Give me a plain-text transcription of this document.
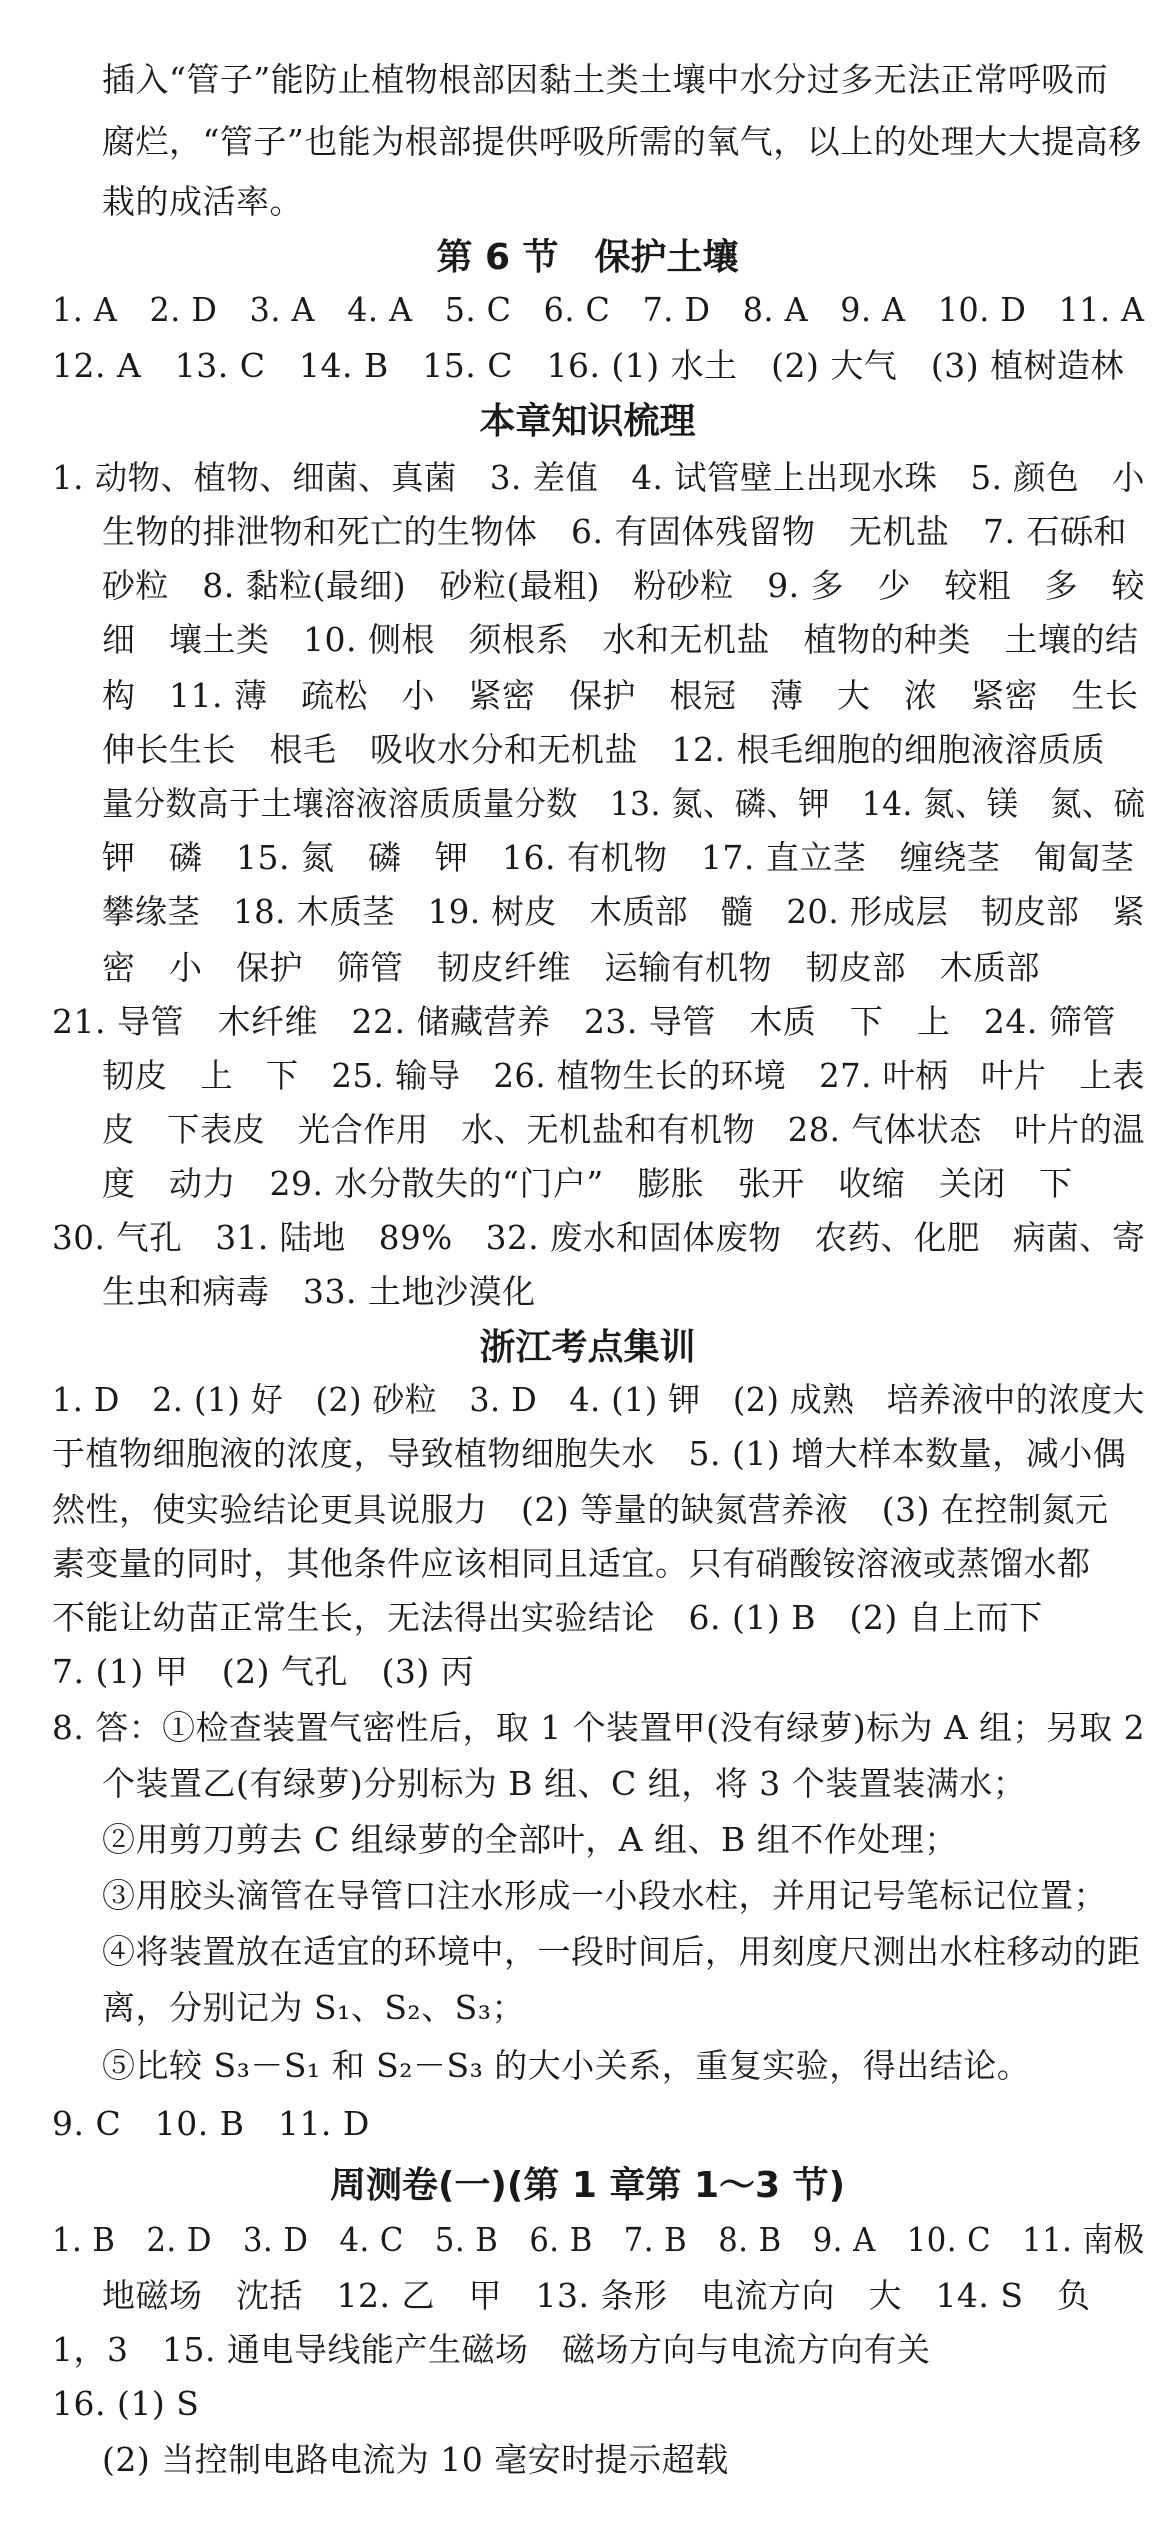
插入“管子”能防止植物根部因黏土类土壤中水分过多无法正常呼吸而
腐烂，“管子”也能为根部提供呼吸所需的氧气，以上的处理大大提高移
栽的成活率。
第 6 节　保护土壤
1. A　2. D　3. A　4. A　5. C　6. C　7. D　8. A　9. A　10. D　11. A
12. A　13. C　14. B　15. C　16. (1) 水土　(2) 大气　(3) 植树造林
本章知识梳理
1. 动物、植物、细菌、真菌　3. 差值　4. 试管壁上出现水珠　5. 颜色　小
生物的排泄物和死亡的生物体　6. 有固体残留物　无机盐　7. 石砾和
砂粒　8. 黏粒(最细)　砂粒(最粗)　粉砂粒　9. 多　少　较粗　多　较
细　壤土类　10. 侧根　须根系　水和无机盐　植物的种类　土壤的结
构　11. 薄　疏松　小　紧密　保护　根冠　薄　大　浓　紧密　生长
伸长生长　根毛　吸收水分和无机盐　12. 根毛细胞的细胞液溶质质
量分数高于土壤溶液溶质质量分数　13. 氮、磷、钾　14. 氮、镁　氮、硫
钾　磷　15. 氮　磷　钾　16. 有机物　17. 直立茎　缠绕茎　匍匐茎
攀缘茎　18. 木质茎　19. 树皮　木质部　髓　20. 形成层　韧皮部　紧
密　小　保护　筛管　韧皮纤维　运输有机物　韧皮部　木质部
21. 导管　木纤维　22. 储藏营养　23. 导管　木质　下　上　24. 筛管
韧皮　上　下　25. 输导　26. 植物生长的环境　27. 叶柄　叶片　上表
皮　下表皮　光合作用　水、无机盐和有机物　28. 气体状态　叶片的温
度　动力　29. 水分散失的“门户”　膨胀　张开　收缩　关闭　下
30. 气孔　31. 陆地　89%　32. 废水和固体废物　农药、化肥　病菌、寄
生虫和病毒　33. 土地沙漠化
浙江考点集训
1. D　2. (1) 好　(2) 砂粒　3. D　4. (1) 钾　(2) 成熟　培养液中的浓度大
于植物细胞液的浓度，导致植物细胞失水　5. (1) 增大样本数量，减小偶
然性，使实验结论更具说服力　(2) 等量的缺氮营养液　(3) 在控制氮元
素变量的同时，其他条件应该相同且适宜。只有硝酸铵溶液或蒸馏水都
不能让幼苗正常生长，无法得出实验结论　6. (1) B　(2) 自上而下
7. (1) 甲　(2) 气孔　(3) 丙
8. 答：①检查装置气密性后，取 1 个装置甲(没有绿萝)标为 A 组；另取 2
个装置乙(有绿萝)分别标为 B 组、C 组，将 3 个装置装满水；
②用剪刀剪去 C 组绿萝的全部叶，A 组、B 组不作处理；
③用胶头滴管在导管口注水形成一小段水柱，并用记号笔标记位置；
④将装置放在适宜的环境中，一段时间后，用刻度尺测出水柱移动的距
离，分别记为 S₁、S₂、S₃；
⑤比较 S₃－S₁ 和 S₂－S₃ 的大小关系，重复实验，得出结论。
9. C　10. B　11. D
周测卷(一)(第 1 章第 1～3 节)
1. B　2. D　3. D　4. C　5. B　6. B　7. B　8. B　9. A　10. C　11. 南极
地磁场　沈括　12. 乙　甲　13. 条形　电流方向　大　14. S　负
1，3　15. 通电导线能产生磁场　磁场方向与电流方向有关
16. (1) S
(2) 当控制电路电流为 10 毫安时提示超载
